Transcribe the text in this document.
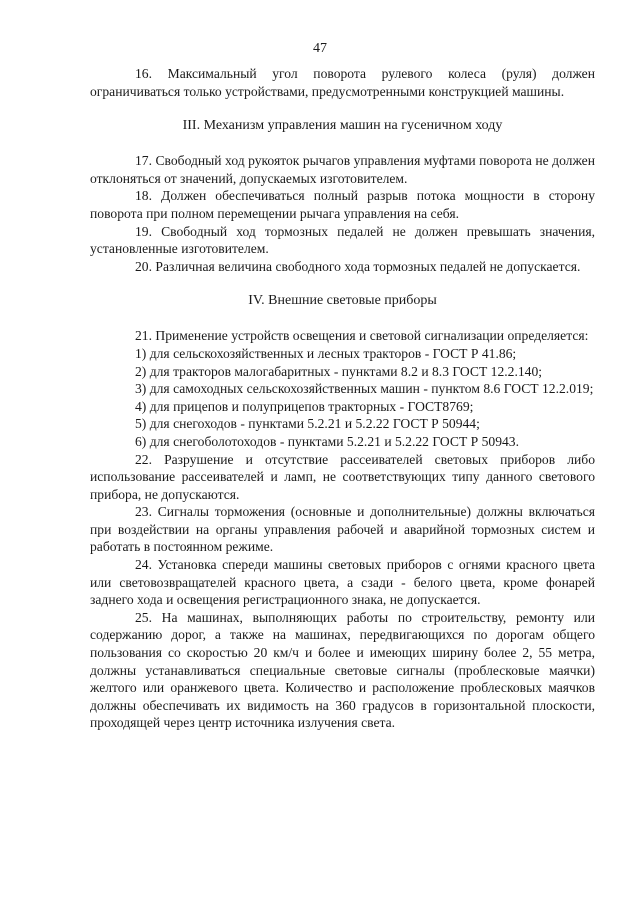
47

16. Максимальный угол поворота рулевого колеса (руля) должен ограничиваться только устройствами, предусмотренными конструкцией машины.

III. Механизм управления машин на гусеничном ходу

17. Свободный ход рукояток рычагов управления муфтами поворота не должен отклоняться от значений, допускаемых изготовителем.

18. Должен обеспечиваться полный разрыв потока мощности в сторону поворота при полном перемещении рычага управления на себя.

19. Свободный ход тормозных педалей не должен превышать значения, установленные изготовителем.

20. Различная величина свободного хода тормозных педалей не допускается.

IV. Внешние световые приборы

21. Применение устройств освещения и световой сигнализации определяется:

1) для сельскохозяйственных и лесных тракторов - ГОСТ Р 41.86;

2) для тракторов малогабаритных - пунктами 8.2 и 8.3 ГОСТ 12.2.140;

3) для самоходных сельскохозяйственных машин - пунктом 8.6 ГОСТ 12.2.019;

4) для прицепов и полуприцепов тракторных - ГОСТ8769;

5) для снегоходов - пунктами 5.2.21 и 5.2.22 ГОСТ Р 50944;

6) для снегоболотоходов - пунктами 5.2.21 и 5.2.22 ГОСТ Р 50943.

22. Разрушение и отсутствие рассеивателей световых приборов либо использование рассеивателей и ламп, не соответствующих типу данного светового прибора, не допускаются.

23. Сигналы торможения (основные и дополнительные) должны включаться при воздействии на органы управления рабочей и аварийной тормозных систем и работать в постоянном режиме.

24. Установка спереди машины световых приборов с огнями красного цвета или световозвращателей красного цвета, а сзади - белого цвета, кроме фонарей заднего хода и освещения регистрационного знака, не допускается.

25. На машинах, выполняющих работы по строительству, ремонту или содержанию дорог, а также на машинах, передвигающихся по дорогам общего пользования со скоростью 20 км/ч и более и имеющих ширину более 2, 55 метра, должны устанавливаться специальные световые сигналы (проблесковые маячки) желтого или оранжевого цвета. Количество и расположение проблесковых маячков должны обеспечивать их видимость на 360 градусов в горизонтальной плоскости, проходящей через центр источника излучения света.
